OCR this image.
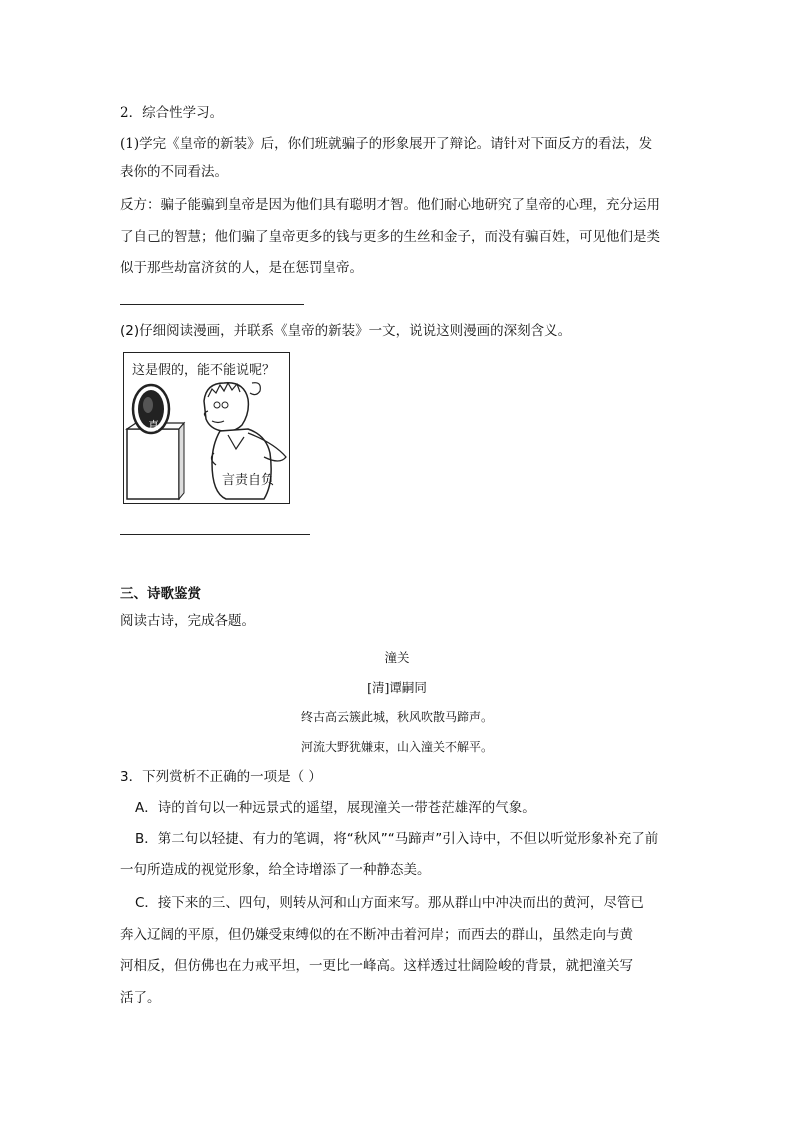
2．综合性学习。
(1)学完《皇帝的新装》后，你们班就骗子的形象展开了辩论。请针对下面反方的看法，发
表你的不同看法。
反方：骗子能骗到皇帝是因为他们具有聪明才智。他们耐心地研究了皇帝的心理，充分运用
了自己的智慧；他们骗了皇帝更多的钱与更多的生丝和金子，而没有骗百姓，可见他们是类
似于那些劫富济贫的人，是在惩罚皇帝。
(2)仔细阅读漫画，并联系《皇帝的新装》一文，说说这则漫画的深刻含义。
这是假的，能不能说呢？
真
言责自负
三、诗歌鉴赏
阅读古诗，完成各题。
潼关
[清]谭嗣同
终古高云簇此城，秋风吹散马蹄声。
河流大野犹嫌束，山入潼关不解平。
3．下列赏析不正确的一项是（ ）
A．诗的首句以一种远景式的遥望，展现潼关一带苍茫雄浑的气象。
B．第二句以轻捷、有力的笔调，将“秋风”“马蹄声”引入诗中，不但以听觉形象补充了前
一句所造成的视觉形象，给全诗增添了一种静态美。
C．接下来的三、四句，则转从河和山方面来写。那从群山中冲决而出的黄河，尽管已
奔入辽阔的平原，但仍嫌受束缚似的在不断冲击着河岸；而西去的群山，虽然走向与黄
河相反，但仿佛也在力戒平坦，一更比一峰高。这样透过壮阔险峻的背景，就把潼关写
活了。
